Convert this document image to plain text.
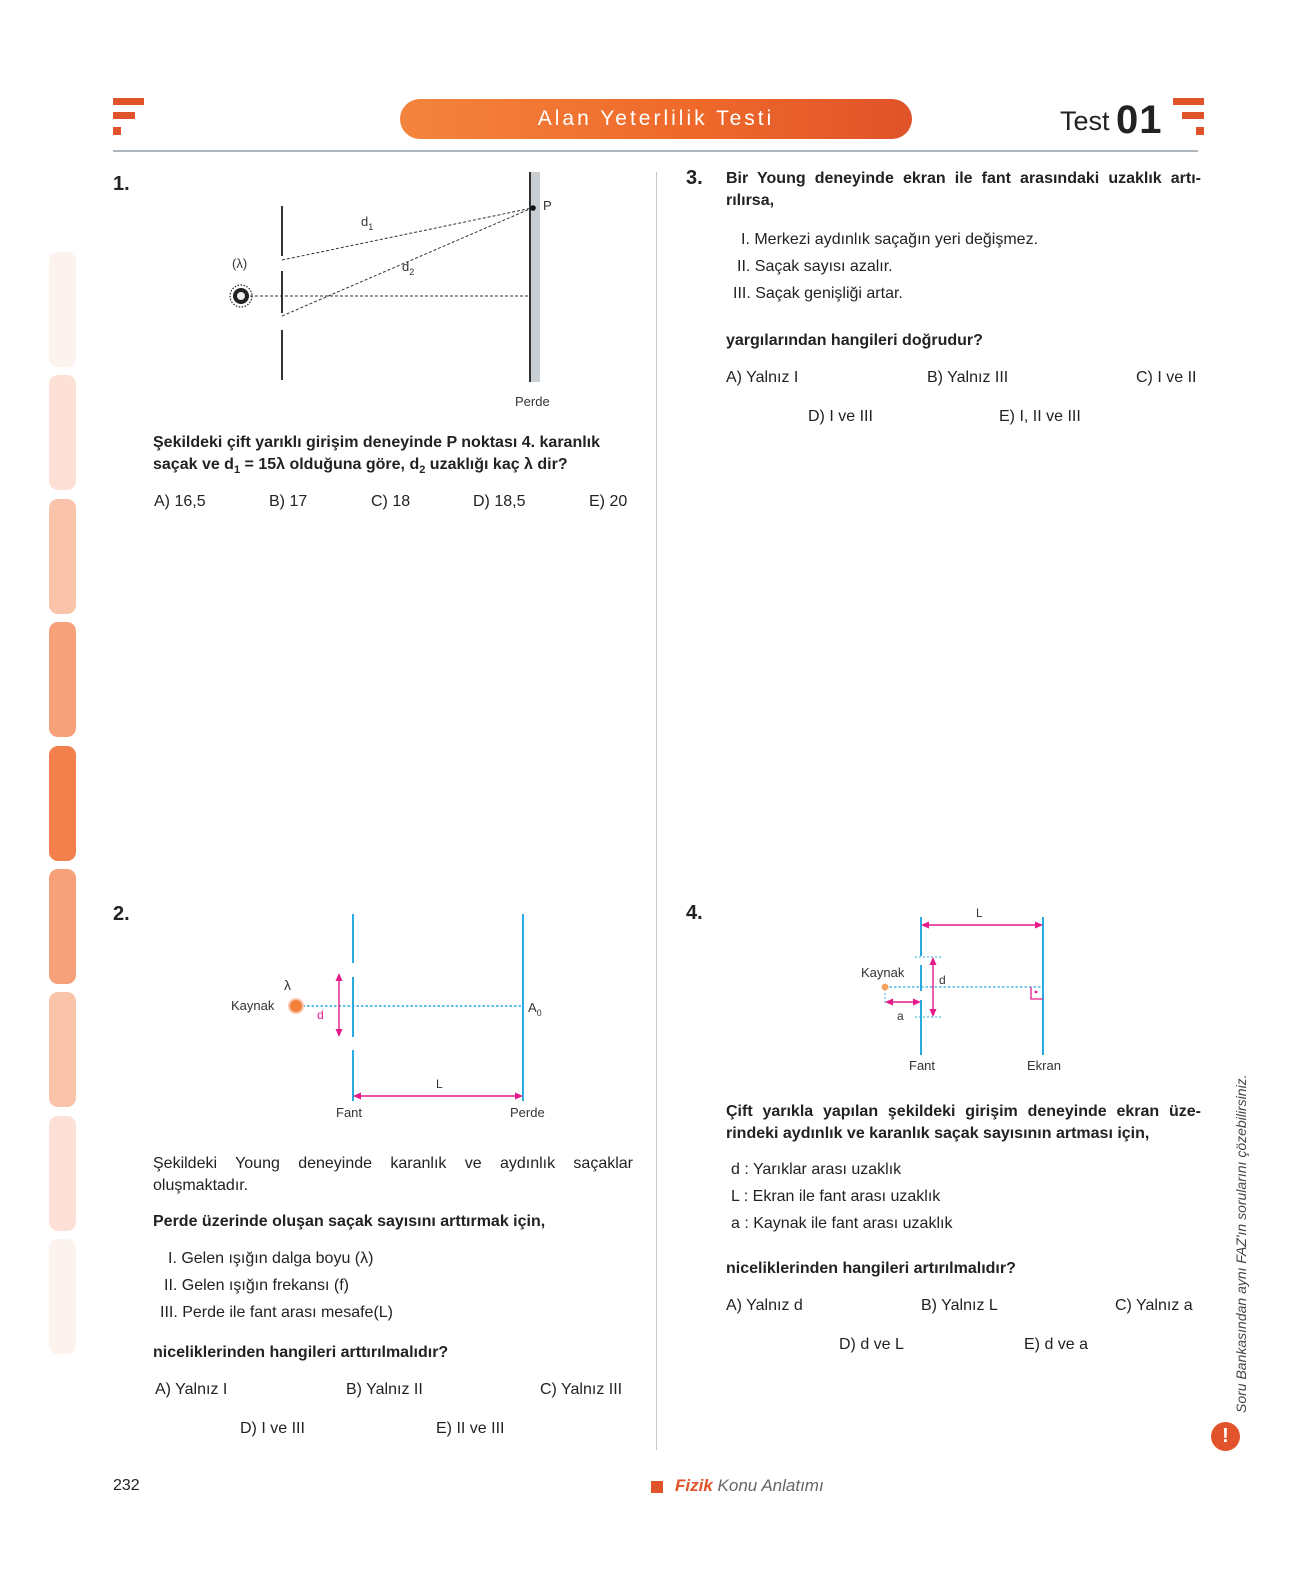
Alan Yeterlilik Testi	Test 01
1.
$d_1$
$d_2$
(λ)
P
Perde
Şekildeki çift yarıklı girişim deneyinde P noktası 4. karanlık
saçak ve $d_1 = 15\lambda$ olduğuna göre, $d_2$ uzaklığı kaç λ dir?
A) 16,5	B) 17	C) 18	D) 18,5	E) 20
2.
λ
Kaynak
d	$A_0$
L
Fant	Perde
Şekildeki Young deneyinde karanlık ve aydınlık saçaklar
oluşmaktadır.
Perde üzerinde oluşan saçak sayısını arttırmak için,
I. Gelen ışığın dalga boyu (λ)
II. Gelen ışığın frekansı (f)
III. Perde ile fant arası mesafe(L)
niceliklerinden hangileri arttırılmalıdır?
A) Yalnız I	B) Yalnız II	C) Yalnız III
D) I ve III	E) II ve III
3. Bir Young deneyinde ekran ile fant arasındaki uzaklık artı-
rılırsa,
I. Merkezi aydınlık saçağın yeri değişmez.
II. Saçak sayısı azalır.
III. Saçak genişliği artar.
yargılarından hangileri doğrudur?
A) Yalnız I	B) Yalnız III	C) I ve II
D) I ve III	E) I, II ve III
4.	L
Kaynak	d
a
Fant	Ekran
Çift yarıkla yapılan şekildeki girişim deneyinde ekran üze-
rindeki aydınlık ve karanlık saçak sayısının artması için,
d : Yarıklar arası uzaklık
L : Ekran ile fant arası uzaklık
a : Kaynak ile fant arası uzaklık
niceliklerinden hangileri artırılmalıdır?
A) Yalnız d	B) Yalnız L	C) Yalnız a
D) d ve L	E) d ve a	Soru Bankasından aynı FAZ'ın sorularını çözebilirsiniz.
!
232	Fizik Konu Anlatımı
